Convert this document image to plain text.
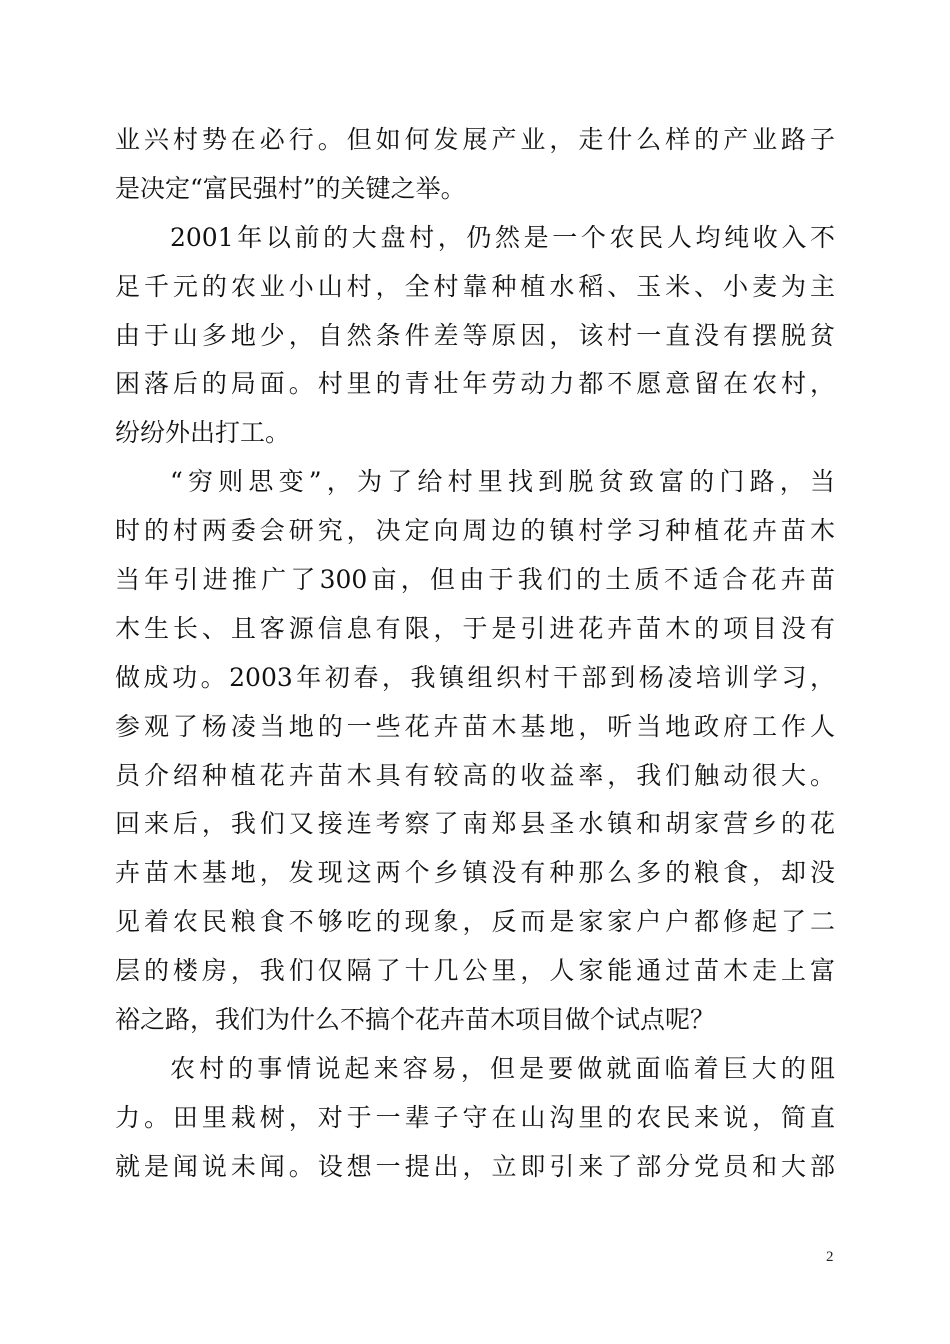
业兴村势在必行。但如何发展产业，走什么样的产业路子
是决定“富民强村”的关键之举。
2001年以前的大盘村，仍然是一个农民人均纯收入不
足千元的农业小山村，全村靠种植水稻、玉米、小麦为主
由于山多地少，自然条件差等原因，该村一直没有摆脱贫
困落后的局面。村里的青壮年劳动力都不愿意留在农村，
纷纷外出打工。
“穷则思变”，为了给村里找到脱贫致富的门路，当
时的村两委会研究，决定向周边的镇村学习种植花卉苗木
当年引进推广了300亩，但由于我们的土质不适合花卉苗
木生长、且客源信息有限，于是引进花卉苗木的项目没有
做成功。2003年初春，我镇组织村干部到杨凌培训学习，
参观了杨凌当地的一些花卉苗木基地，听当地政府工作人
员介绍种植花卉苗木具有较高的收益率，我们触动很大。
回来后，我们又接连考察了南郑县圣水镇和胡家营乡的花
卉苗木基地，发现这两个乡镇没有种那么多的粮食，却没
见着农民粮食不够吃的现象，反而是家家户户都修起了二
层的楼房，我们仅隔了十几公里，人家能通过苗木走上富
裕之路，我们为什么不搞个花卉苗木项目做个试点呢？
农村的事情说起来容易，但是要做就面临着巨大的阻
力。田里栽树，对于一辈子守在山沟里的农民来说，简直
就是闻说未闻。设想一提出，立即引来了部分党员和大部
2
